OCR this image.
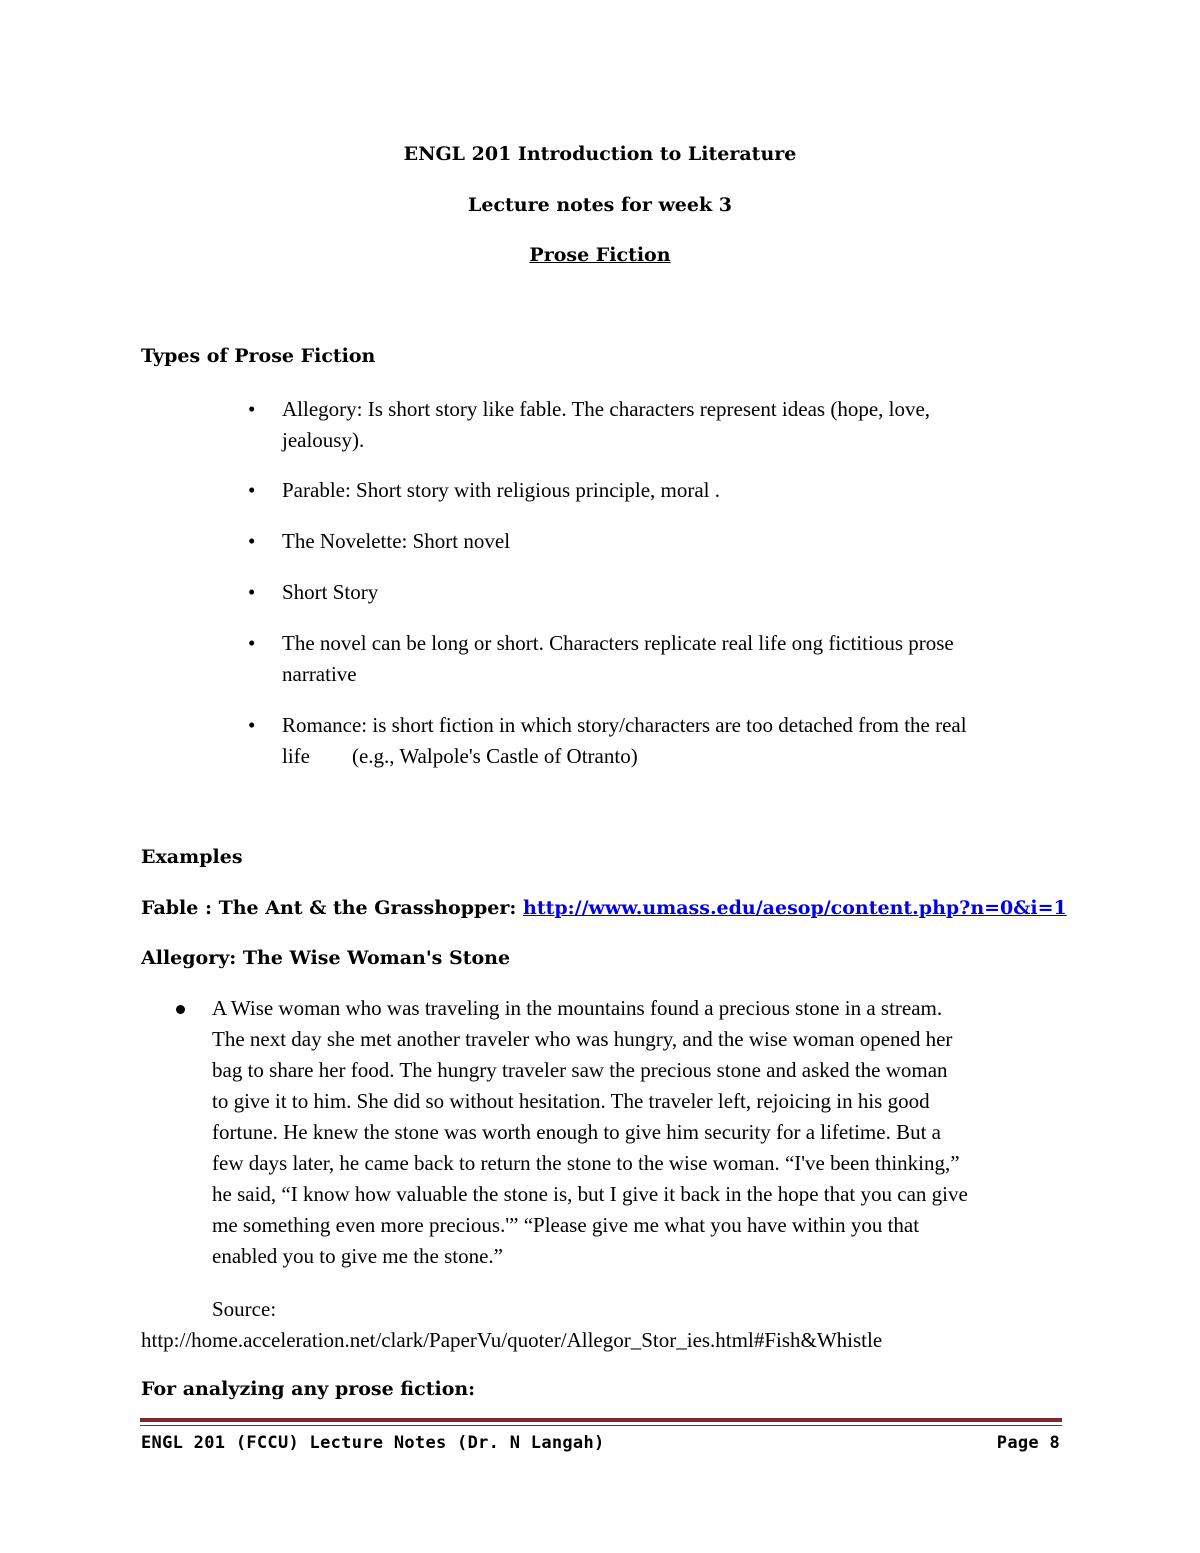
ENGL 201 Introduction to Literature
Lecture notes for week 3
Prose Fiction
Types of Prose Fiction
• Allegory: Is short story like fable. The characters represent ideas (hope, love,
jealousy).
• Parable: Short story with religious principle, moral .
• The Novelette: Short novel
• Short Story
• The novel can be long or short. Characters replicate real life ong fictitious prose
narrative
• Romance: is short fiction in which story/characters are too detached from the real
life        (e.g., Walpole's Castle of Otranto)
Examples
Fable : The Ant & the Grasshopper: http://www.umass.edu/aesop/content.php?n=0&i=1
Allegory: The Wise Woman's Stone
A Wise woman who was traveling in the mountains found a precious stone in a stream.
The next day she met another traveler who was hungry, and the wise woman opened her
bag to share her food. The hungry traveler saw the precious stone and asked the woman
to give it to him. She did so without hesitation. The traveler left, rejoicing in his good
fortune. He knew the stone was worth enough to give him security for a lifetime. But a
few days later, he came back to return the stone to the wise woman. “I've been thinking,”
he said, “I know how valuable the stone is, but I give it back in the hope that you can give
me something even more precious.'” “Please give me what you have within you that
enabled you to give me the stone.”
Source:
http://home.acceleration.net/clark/PaperVu/quoter/Allegor_Stor_ies.html#Fish&Whistle
For analyzing any prose fiction:
ENGL 201 (FCCU) Lecture Notes (Dr. N Langah)	Page 8
